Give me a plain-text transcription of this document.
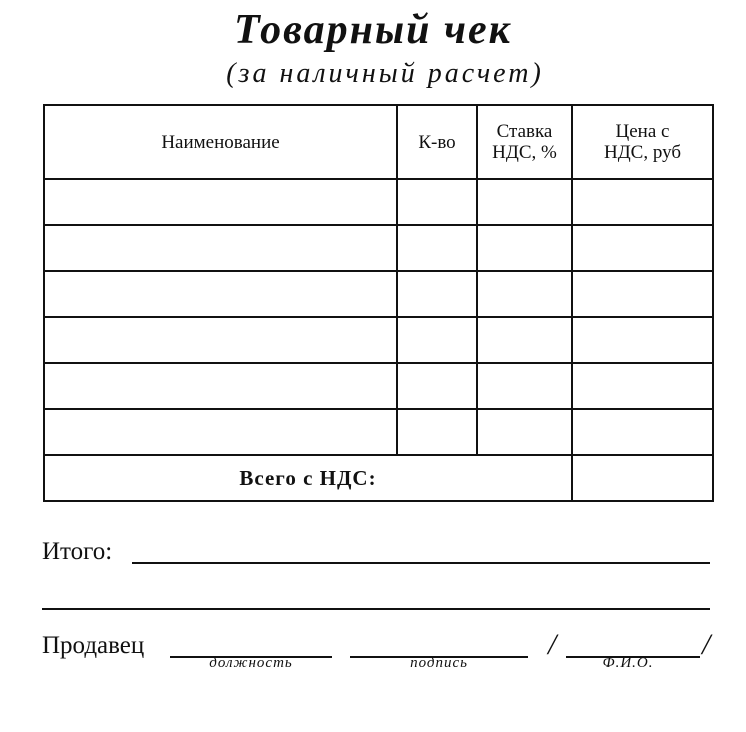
Товарный чек
(за наличный расчет)
Наименование	К-во	Ставка НДС, %	Цена с НДС, руб

Всего с НДС:			
Итого:
Продавец
должность	подпись
/
Ф.И.О.
/
